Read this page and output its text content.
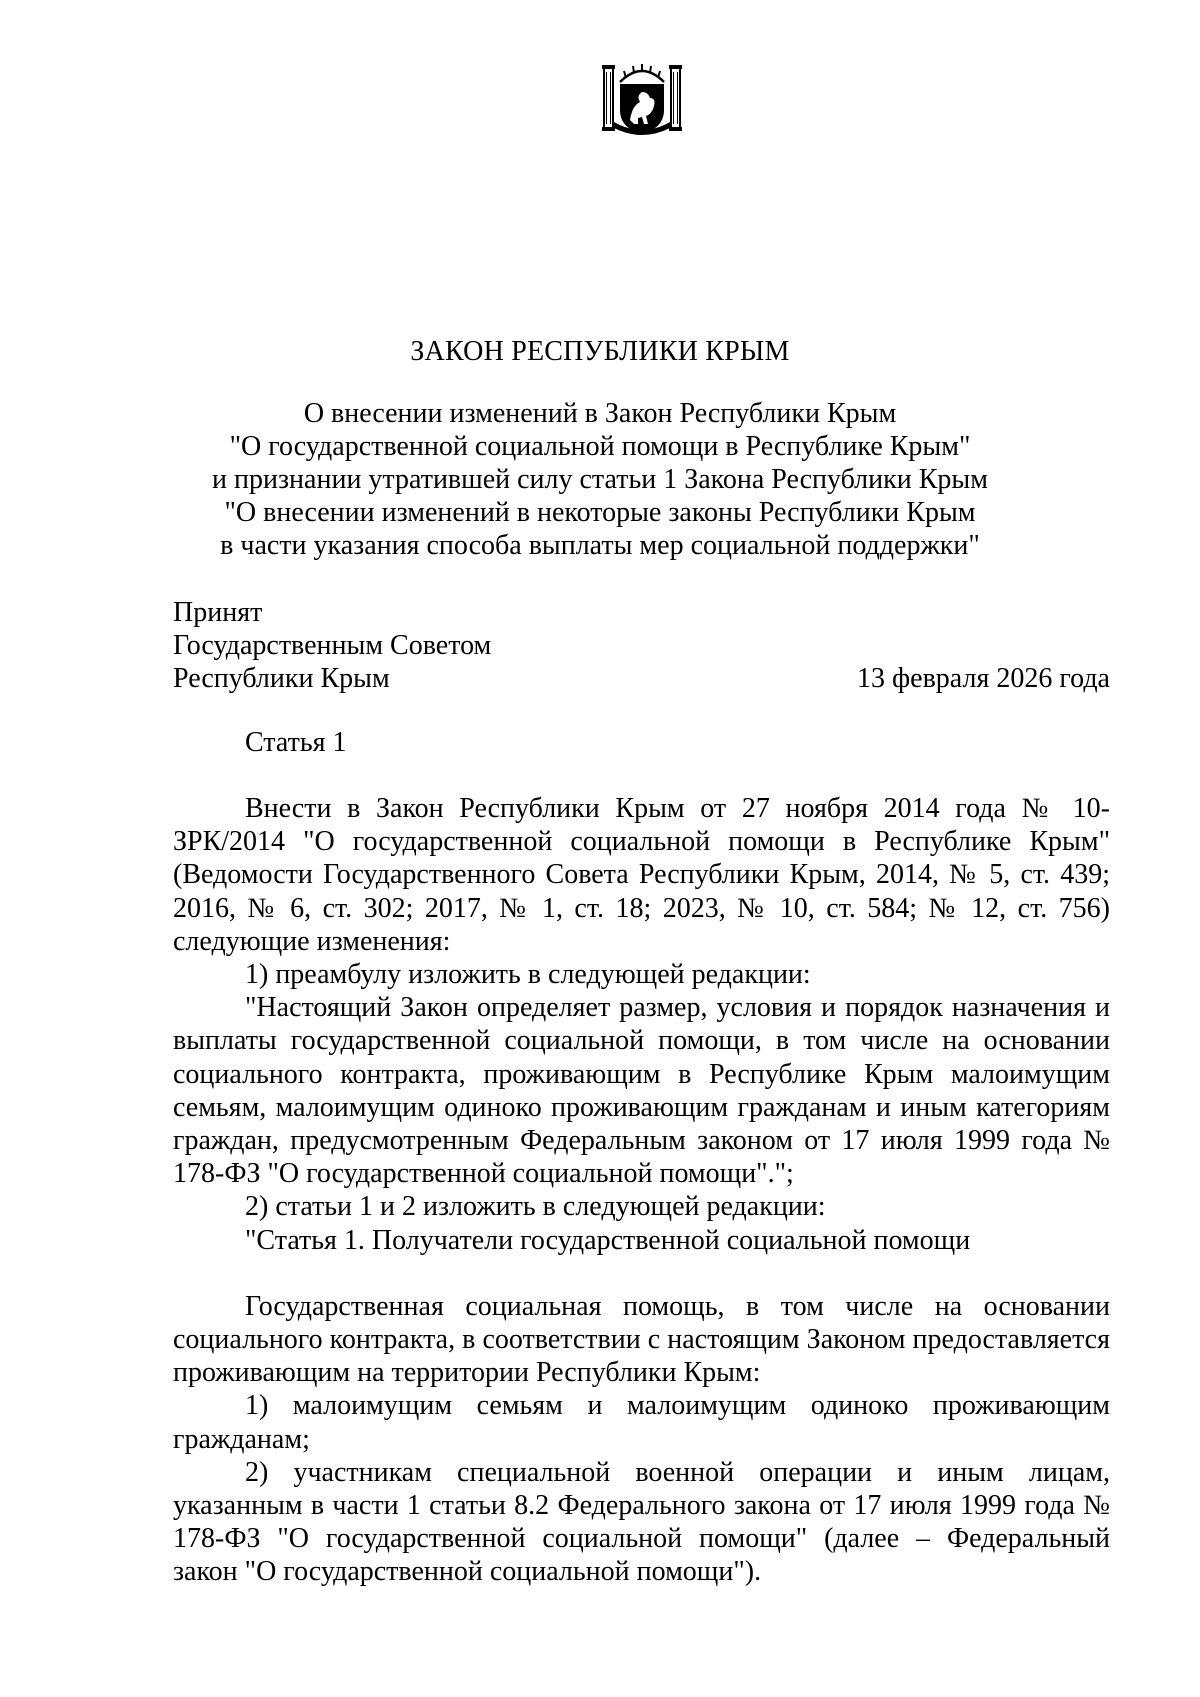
ЗАКОН РЕСПУБЛИКИ КРЫМ
О внесении изменений в Закон Республики Крым
"О государственной социальной помощи в Республике Крым"
и признании утратившей силу статьи 1 Закона Республики Крым
"О внесении изменений в некоторые законы Республики Крым
в части указания способа выплаты мер социальной поддержки"
Принят
Государственным Советом
Республики Крым	13 февраля 2026 года
Статья 1

Внести в Закон Республики Крым от 27 ноября 2014 года № 10-ЗРК/2014 "О государственной социальной помощи в Республике Крым" (Ведомости Государственного Совета Республики Крым, 2014, № 5, ст. 439; 2016, № 6, ст. 302; 2017, № 1, ст. 18; 2023, № 10, ст. 584; № 12, ст. 756) следующие изменения:

1) преамбулу изложить в следующей редакции:

"Настоящий Закон определяет размер, условия и порядок назначения и выплаты государственной социальной помощи, в том числе на основании социального контракта, проживающим в Республике Крым малоимущим семьям, малоимущим одиноко проживающим гражданам и иным категориям граждан, предусмотренным Федеральным законом от 17 июля 1999 года № 178-ФЗ "О государственной социальной помощи".";

2) статьи 1 и 2 изложить в следующей редакции:

"Статья 1. Получатели государственной социальной помощи

Государственная социальная помощь, в том числе на основании социального контракта, в соответствии с настоящим Законом предоставляется проживающим на территории Республики Крым:

1) малоимущим семьям и малоимущим одиноко проживающим гражданам;

2) участникам специальной военной операции и иным лицам, указанным в части 1 статьи 8.2 Федерального закона от 17 июля 1999 года № 178-ФЗ "О государственной социальной помощи" (далее – Федеральный закон "О государственной социальной помощи").
